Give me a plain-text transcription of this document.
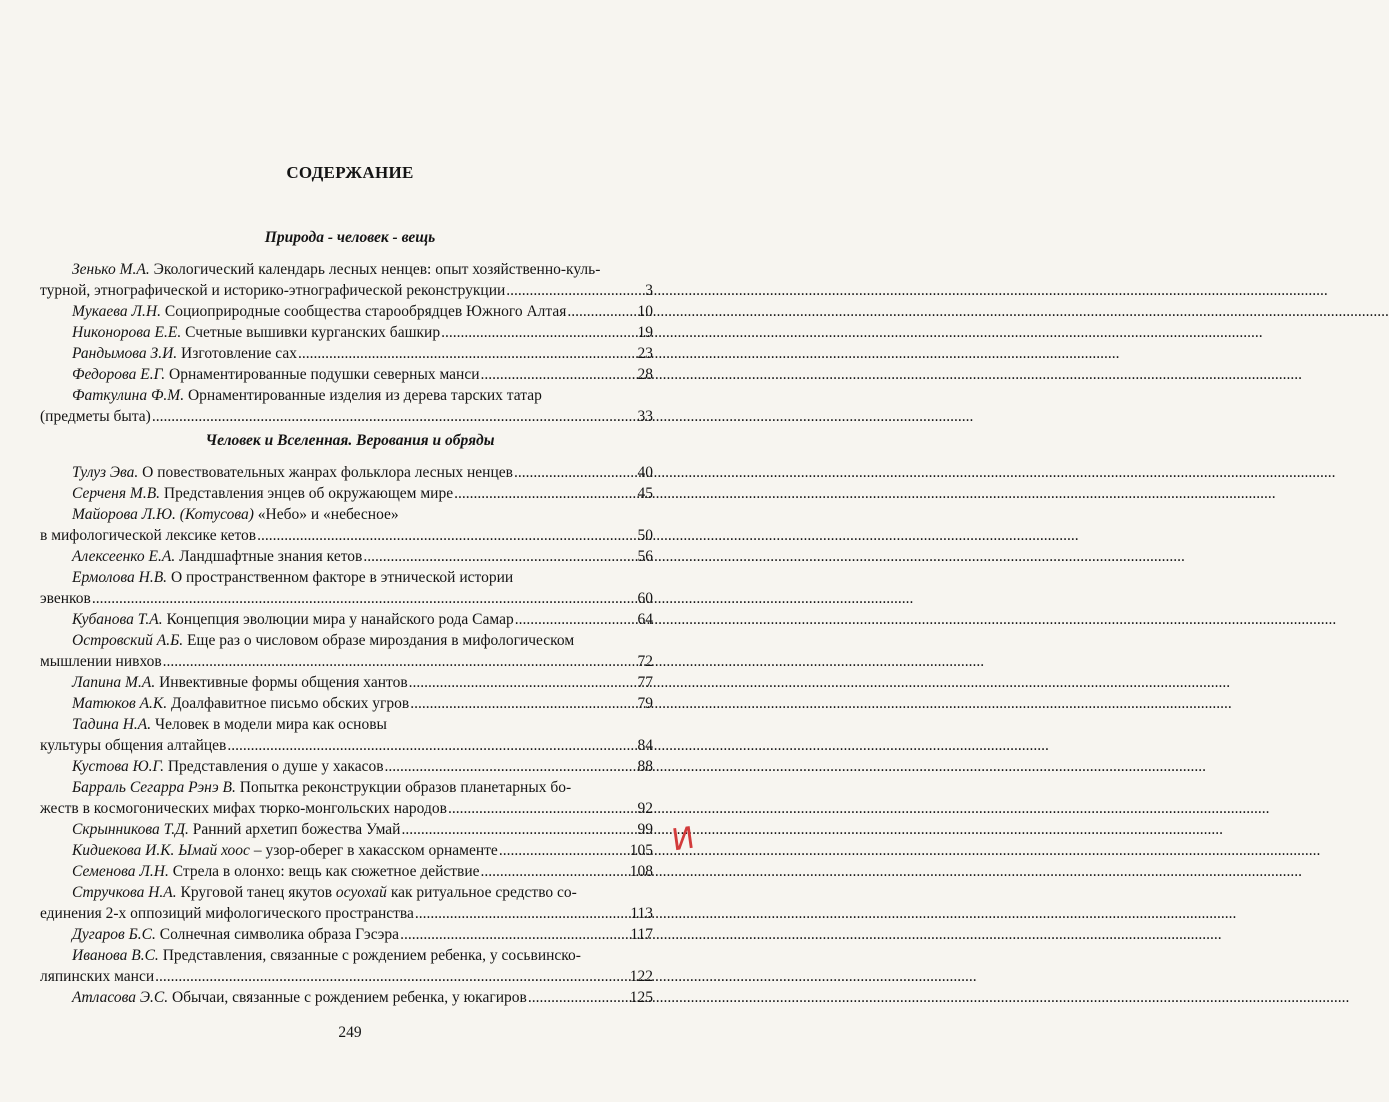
СОДЕРЖАНИЕ
Природа - человек - вещь
Зенько М.А. Экологический календарь лесных ненцев: опыт хозяйственно-куль-
турной, этнографической и историко-этнографической реконструкции .....	3
Мукаева Л.Н. Социоприродные сообщества старообрядцев Южного Алтая .....	10
Никонорова Е.Е. Счетные вышивки курганских башкир .....	19
Рандымова З.И. Изготовление сах .....	23
Федорова Е.Г. Орнаментированные подушки северных манси .....	28
Фаткулина Ф.М. Орнаментированные изделия из дерева тарских татар
(предметы быта) .....	33
Человек и Вселенная. Верования и обряды
Тулуз Эва. О повествовательных жанрах фольклора лесных ненцев .....	40
Серченя М.В. Представления энцев об окружающем мире .....	45
Майорова Л.Ю. (Котусова) «Небо» и «небесное»
в мифологической лексике кетов .....	50
Алексеенко Е.А. Ландшафтные знания кетов .....	56
Ермолова Н.В. О пространственном факторе в этнической истории
эвенков .....	60
Кубанова Т.А. Концепция эволюции мира у нанайского рода Самар .....	64
Островский А.Б. Еще раз о числовом образе мироздания в мифологическом
мышлении нивхов .....	72
Лапина М.А. Инвективные формы общения хантов .....	77
Матюков А.К. Доалфавитное письмо обских угров .....	79
Тадина Н.А. Человек в модели мира как основы
культуры общения алтайцев .....	84
Кустова Ю.Г. Представления о душе у хакасов .....	88
Барраль Сегарра Рэнэ В. Попытка реконструкции образов планетарных бо-
жеств в космогонических мифах тюрко-монгольских народов .....	92
Скрынникова Т.Д. Ранний архетип божества Умай .....	99
Кидиекова И.К. Ымай хоос – узор-оберег в хакасском орнаменте .....	105
Семенова Л.Н. Стрела в олонхо: вещь как сюжетное действие .....	108
Стручкова Н.А. Круговой танец якутов осуохай как ритуальное средство со-
единения 2-х оппозиций мифологического пространства .....	113
Дугаров Б.С. Солнечная символика образа Гэсэра .....	117
Иванова В.С. Представления, связанные с рождением ребенка, у сосьвинско-
ляпинских манси .....	122
Атласова Э.С. Обычаи, связанные с рождением ребенка, у юкагиров .....	125
249
И
